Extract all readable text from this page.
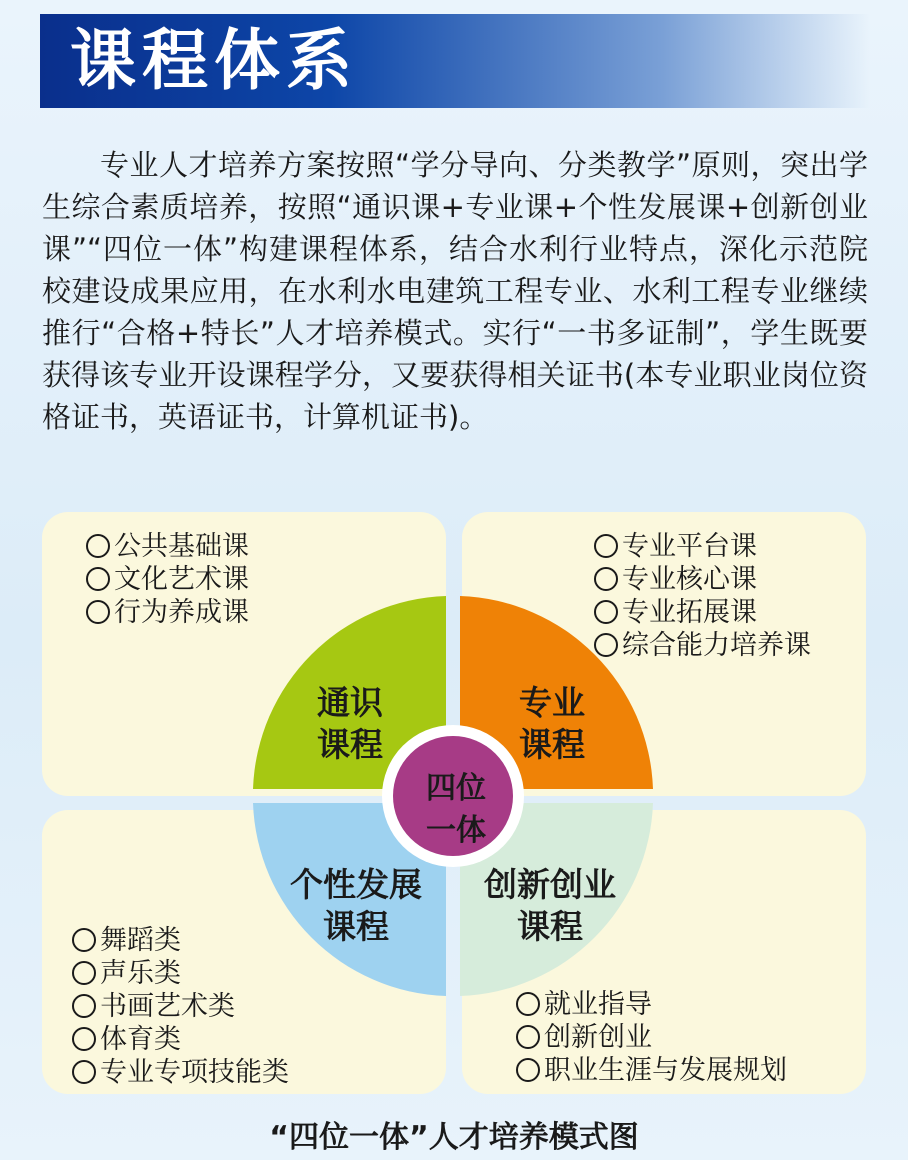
课程体系

专业人才培养方案按照“学分导向、分类教学”原则，突出学生综合素质培养，按照“通识课+专业课+个性发展课+创新创业课”“四位一体”构建课程体系，结合水利行业特点，深化示范院校建设成果应用，在水利水电建筑工程专业、水利工程专业继续推行“合格+特长”人才培养模式。实行“一书多证制”，学生既要获得该专业开设课程学分，又要获得相关证书(本专业职业岗位资格证书，英语证书，计算机证书)。

公共基础课
文化艺术课
行为养成课
专业平台课
专业核心课
专业拓展课
综合能力培养课
舞蹈类
声乐类
书画艺术类
体育类
专业专项技能类
就业指导
创新创业
职业生涯与发展规划
通识
课程
专业
课程
个性发展
课程
创新创业
课程
四位
一体
“四位一体”人才培养模式图
